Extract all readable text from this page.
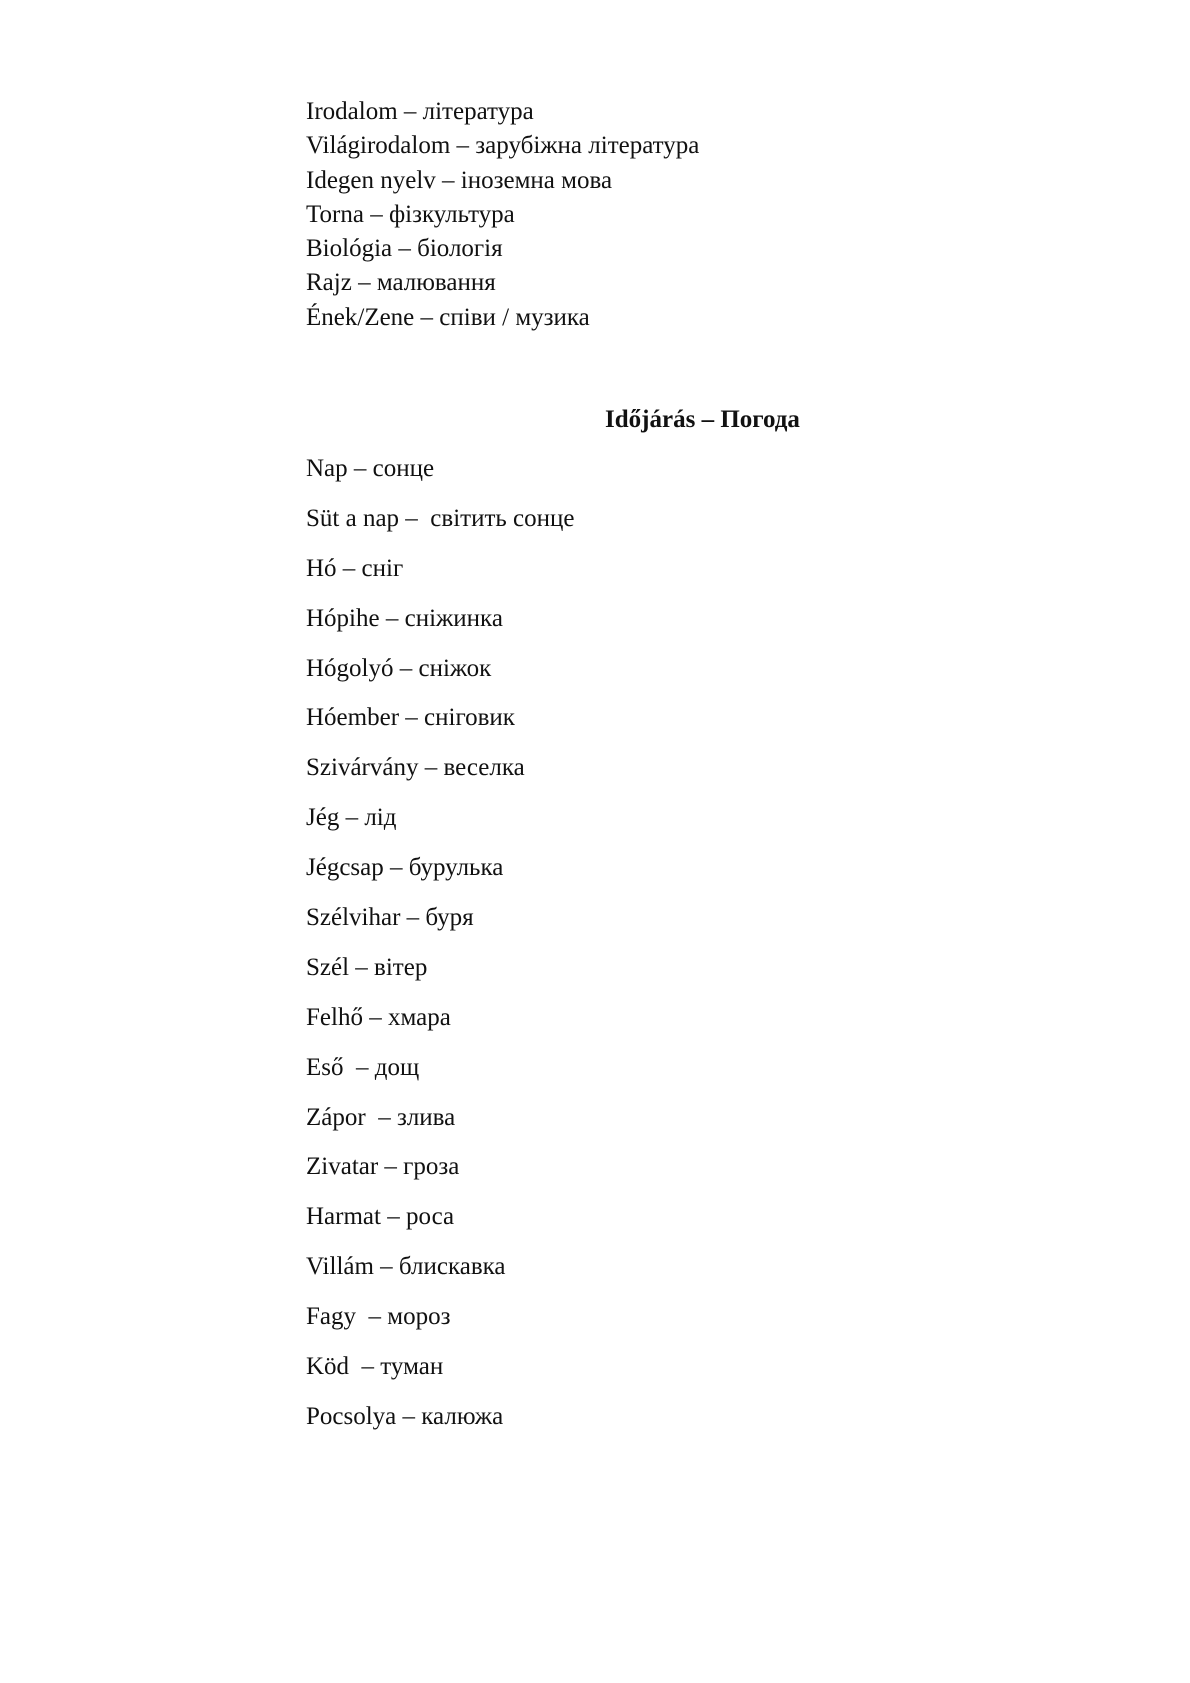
Irodalom – література
Világirodalom – зарубіжна література
Idegen nyelv – іноземна мова
Torna – фізкультура
Biológia – біологія
Rajz – малювання
Ének/Zene – співи / музика
Időjárás – Погода
Nap – сонце
Süt a nap –  світить сонце
Hó – сніг
Hópihe – сніжинка
Hógolyó – сніжок
Hóember – сніговик
Szivárvány – веселка
Jég – лід
Jégcsap – бурулька
Szélvihar – буря
Szél – вітер
Felhő – хмара
Eső  – дощ
Zápor  – злива
Zivatar – гроза
Harmat – роса
Villám – блискавка
Fagy  – мороз
Köd  – туман
Pocsolya – калюжа
